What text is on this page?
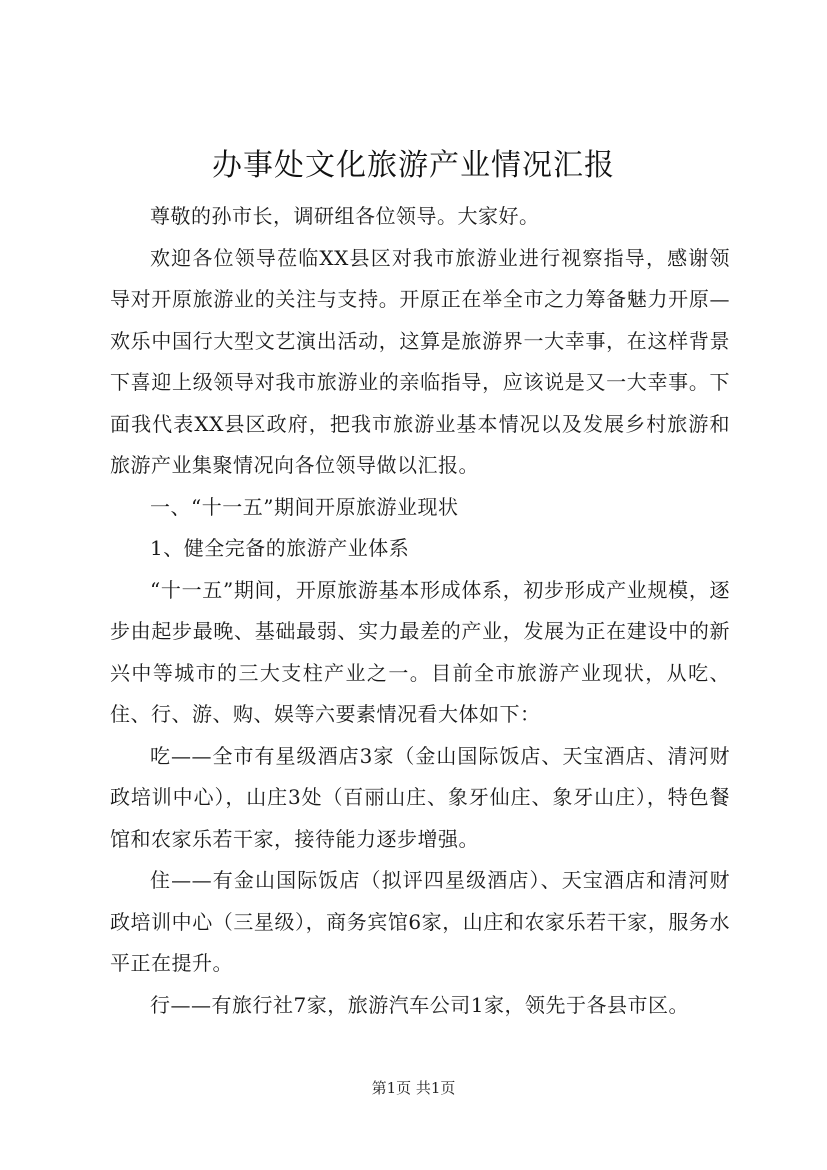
办事处文化旅游产业情况汇报

尊敬的孙市长，调研组各位领导。大家好。

欢迎各位领导莅临XX县区对我市旅游业进行视察指导，感谢领导对开原旅游业的关注与支持。开原正在举全市之力筹备魅力开原—欢乐中国行大型文艺演出活动，这算是旅游界一大幸事，在这样背景下喜迎上级领导对我市旅游业的亲临指导，应该说是又一大幸事。下面我代表XX县区政府，把我市旅游业基本情况以及发展乡村旅游和旅游产业集聚情况向各位领导做以汇报。

一、“十一五”期间开原旅游业现状

1、健全完备的旅游产业体系

“十一五”期间，开原旅游基本形成体系，初步形成产业规模，逐步由起步最晚、基础最弱、实力最差的产业，发展为正在建设中的新兴中等城市的三大支柱产业之一。目前全市旅游产业现状，从吃、住、行、游、购、娱等六要素情况看大体如下：

吃——全市有星级酒店3家（金山国际饭店、天宝酒店、清河财政培训中心），山庄3处（百丽山庄、象牙仙庄、象牙山庄），特色餐馆和农家乐若干家，接待能力逐步增强。

住——有金山国际饭店（拟评四星级酒店）、天宝酒店和清河财政培训中心（三星级），商务宾馆6家，山庄和农家乐若干家，服务水平正在提升。

行——有旅行社7家，旅游汽车公司1家，领先于各县市区。

第1页 共1页
